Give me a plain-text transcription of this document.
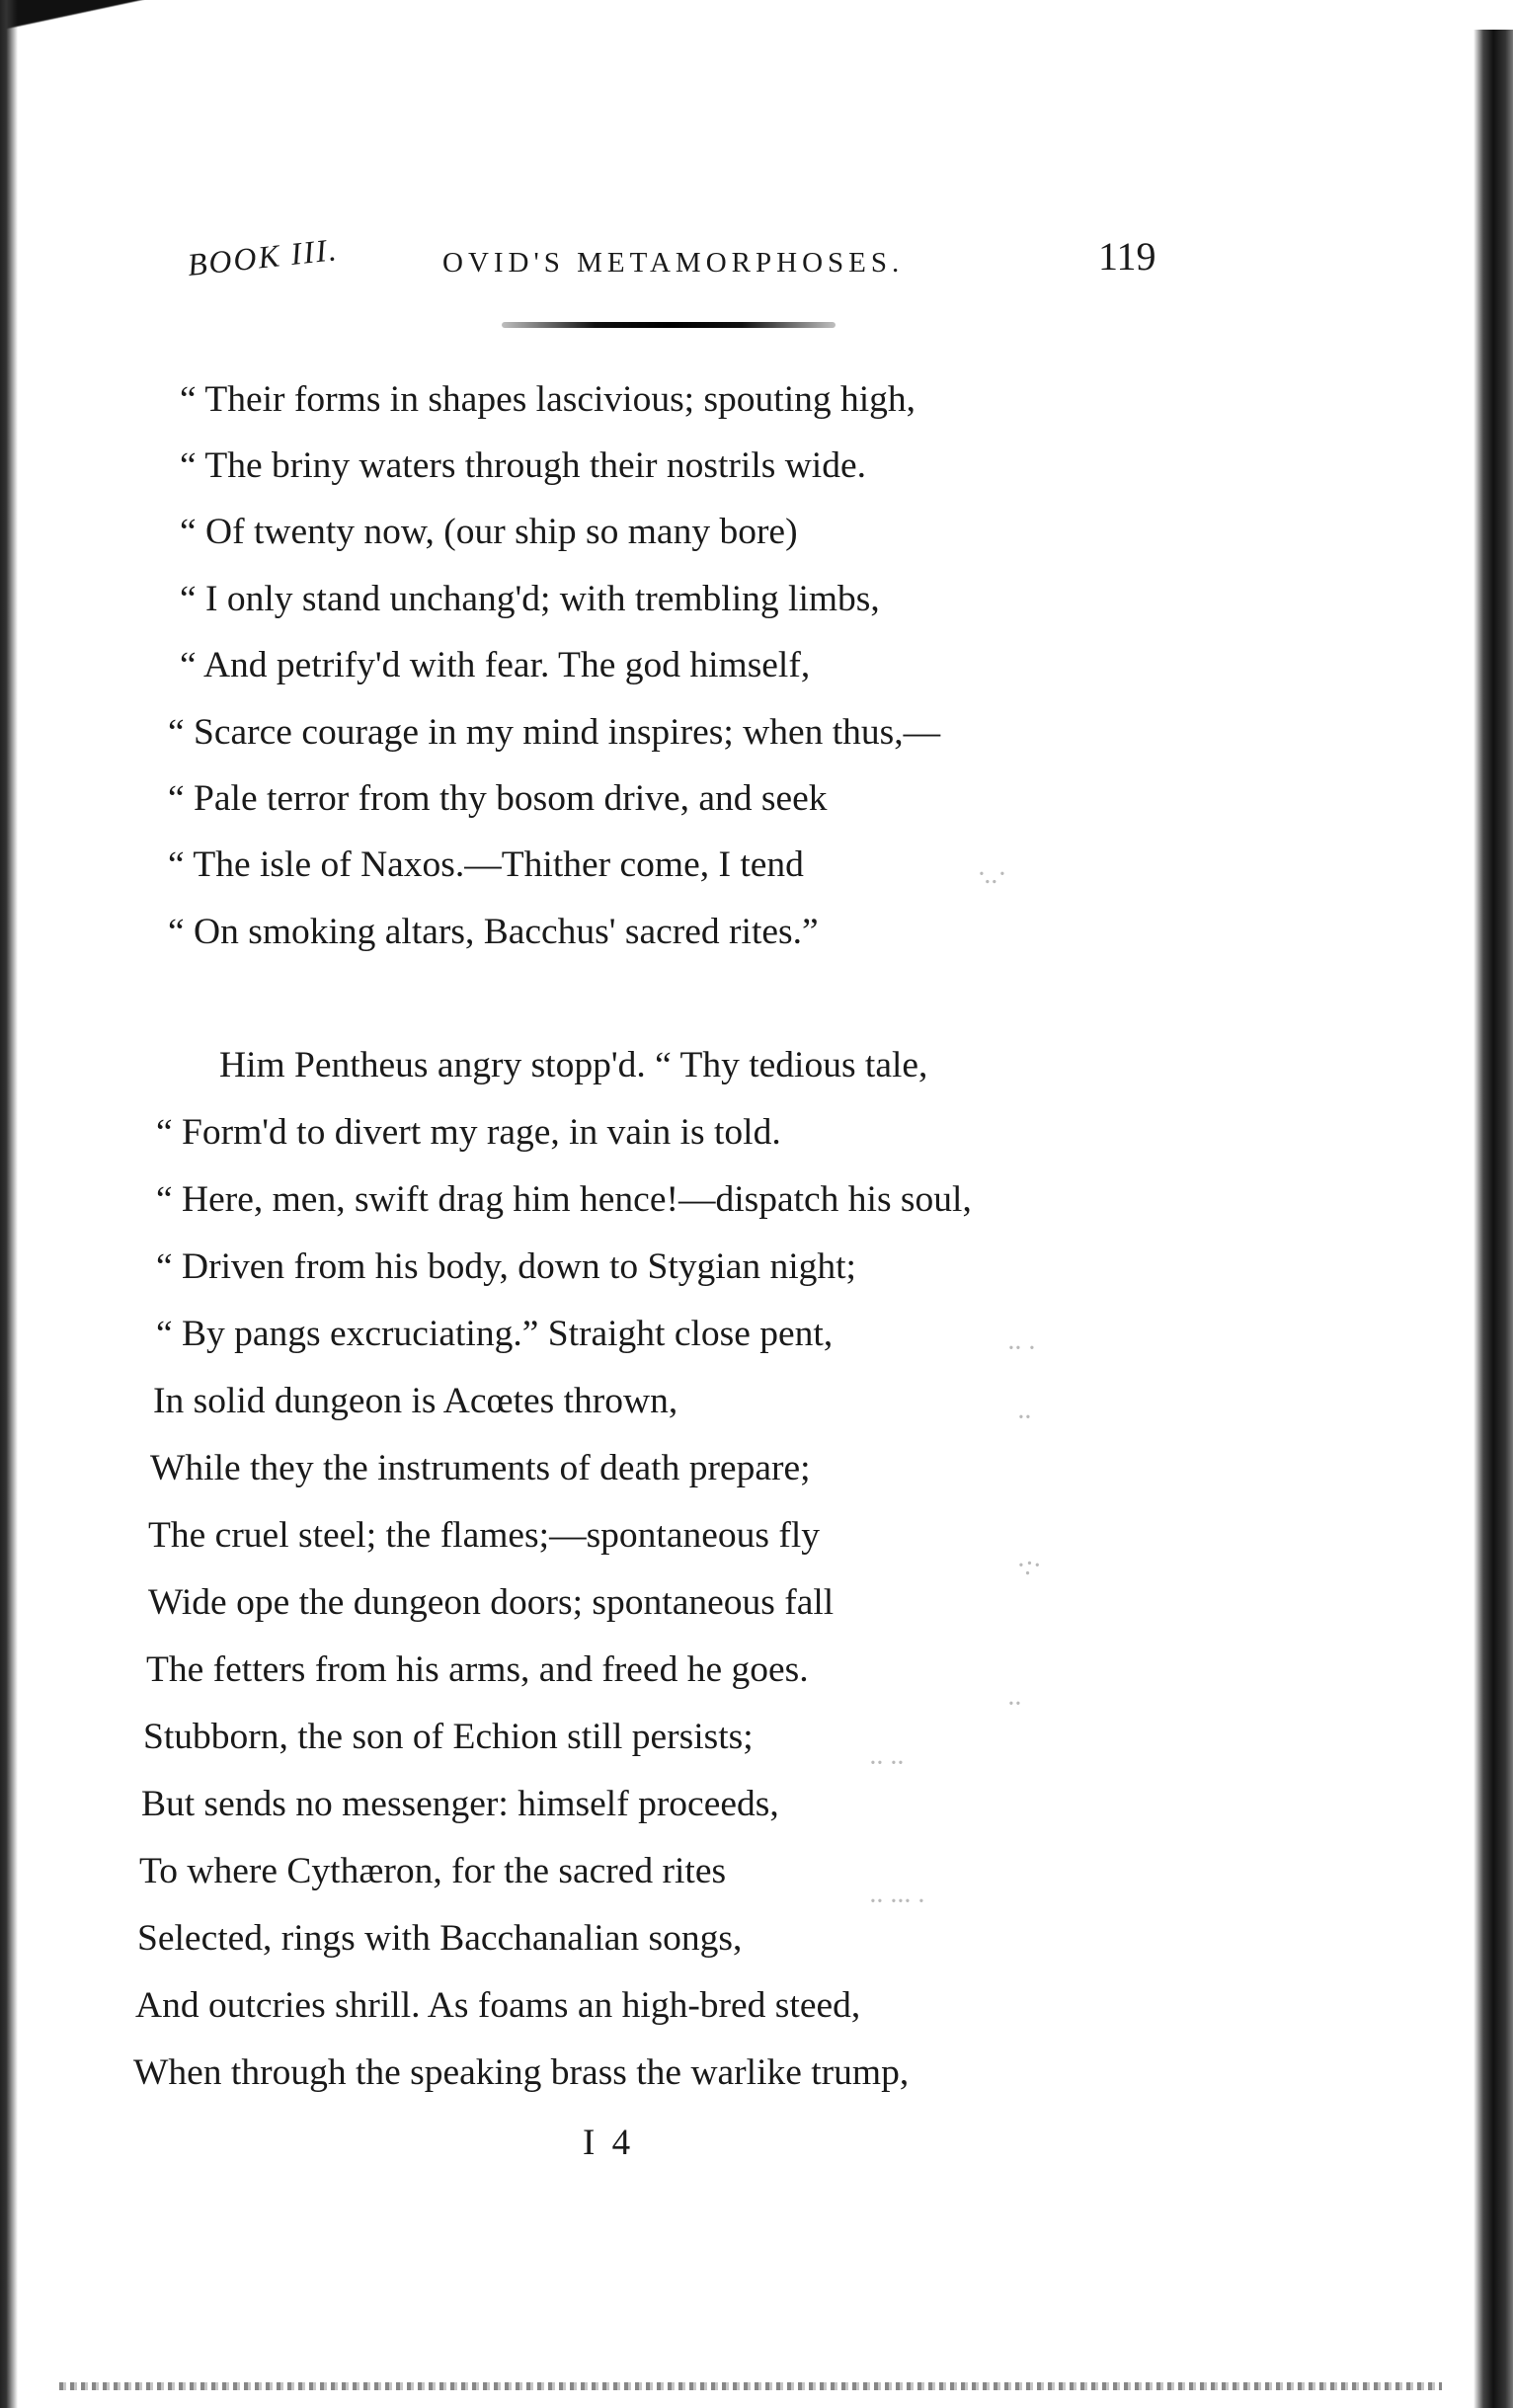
BOOK III.	OVID'S METAMORPHOSES.	119
“ Their forms in shapes lascivious; spouting high,
“ The briny waters through their nostrils wide.
“ Of twenty now, (our ship so many bore)
“ I only stand unchang'd; with trembling limbs,
“ And petrify'd with fear. The god himself,
“ Scarce courage in my mind inspires; when thus,—
“ Pale terror from thy bosom drive, and seek
“ The isle of Naxos.—Thither come, I tend
“ On smoking altars, Bacchus' sacred rites.”
Him Pentheus angry stopp'd. “ Thy tedious tale,
“ Form'd to divert my rage, in vain is told.
“ Here, men, swift drag him hence!—dispatch his soul,
“ Driven from his body, down to Stygian night;
“ By pangs excruciating.” Straight close pent,
In solid dungeon is Acœtes thrown,
While they the instruments of death prepare;
The cruel steel; the flames;—spontaneous fly
Wide ope the dungeon doors; spontaneous fall
The fetters from his arms, and freed he goes.
Stubborn, the son of Echion still persists;
But sends no messenger: himself proceeds,
To where Cythæron, for the sacred rites
Selected, rings with Bacchanalian songs,
And outcries shrill. As foams an high-bred steed,
When through the speaking brass the warlike trump,
I 4
·..·
·· ·
··
·:·
··
·· ··
·· ··· ·
